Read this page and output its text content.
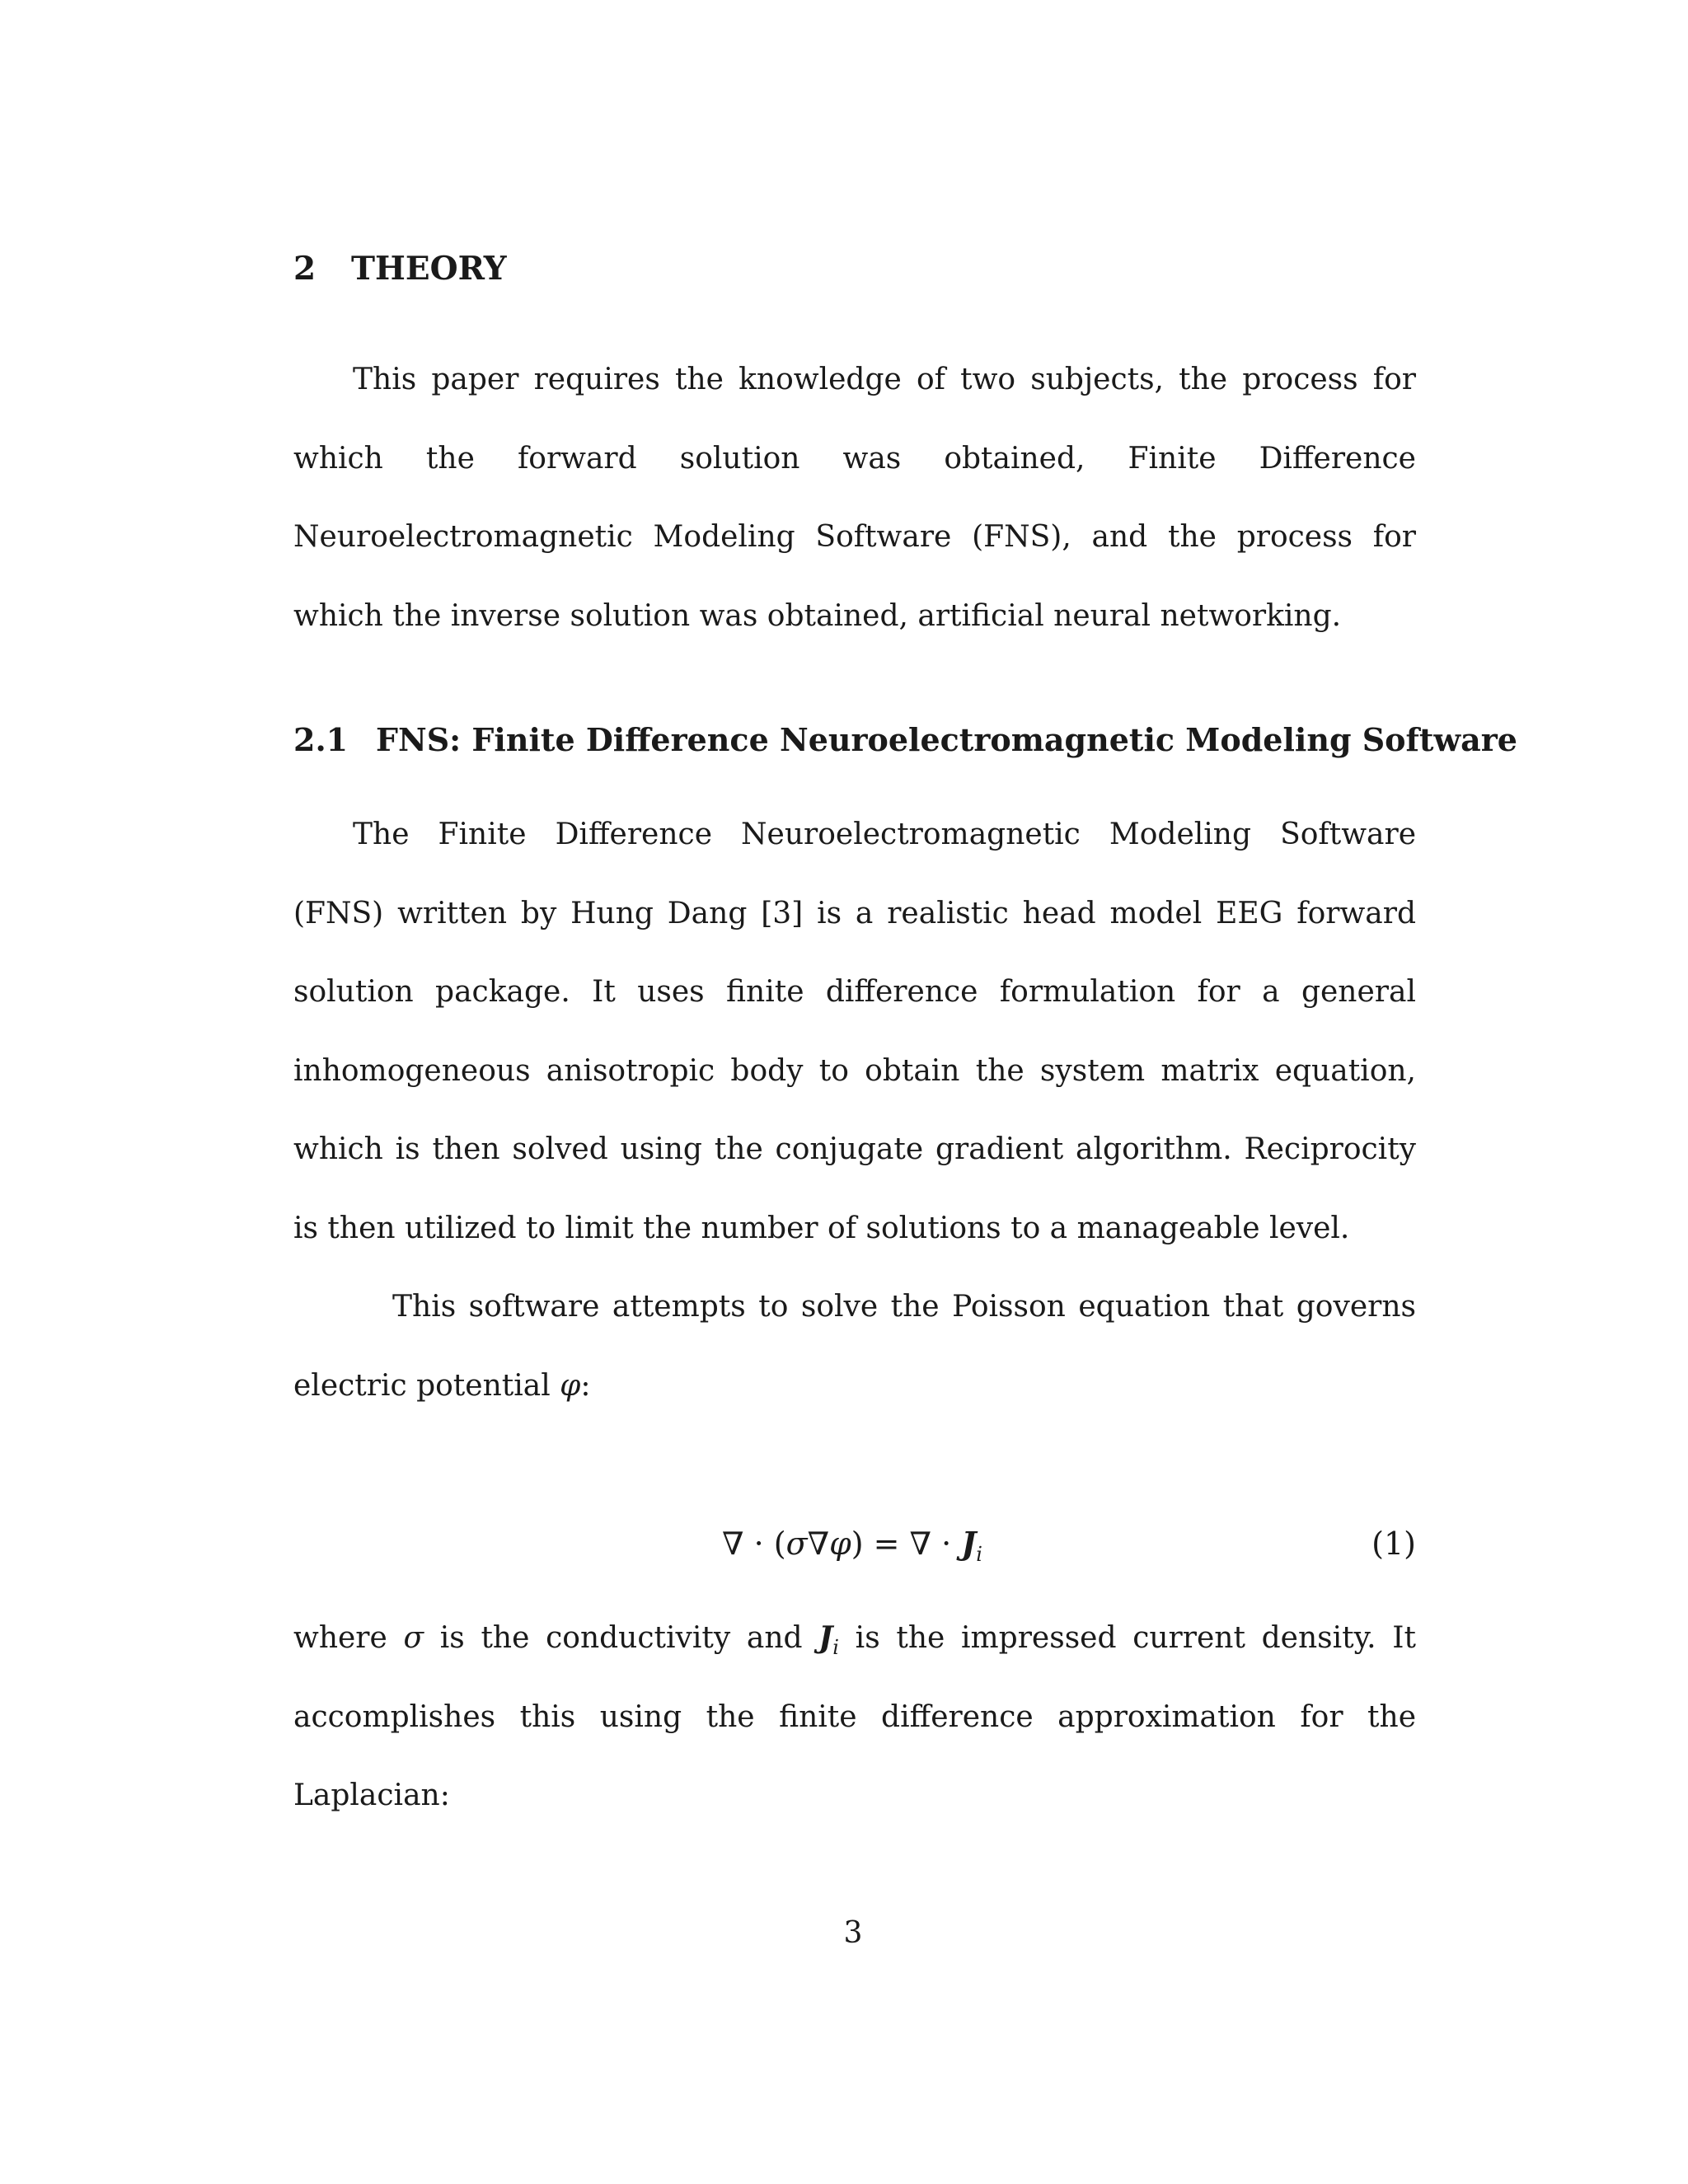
2 THEORY

This paper requires the knowledge of two subjects, the process for which the forward solution was obtained, Finite Difference Neuroelectromagnetic Modeling Software (FNS), and the process for which the inverse solution was obtained, artificial neural networking.

2.1 FNS: Finite Difference Neuroelectromagnetic Modeling Software

The Finite Difference Neuroelectromagnetic Modeling Software (FNS) written by Hung Dang [3] is a realistic head model EEG forward solution package. It uses finite difference formulation for a general inhomogeneous anisotropic body to obtain the system matrix equation, which is then solved using the conjugate gradient algorithm. Reciprocity is then utilized to limit the number of solutions to a manageable level.

This software attempts to solve the Poisson equation that governs electric potential φ:

∇ · (σ∇φ) = ∇ · $J_i$	(1)

where σ is the conductivity and $J_i$ is the impressed current density. It accomplishes this using the finite difference approximation for the Laplacian:

3
